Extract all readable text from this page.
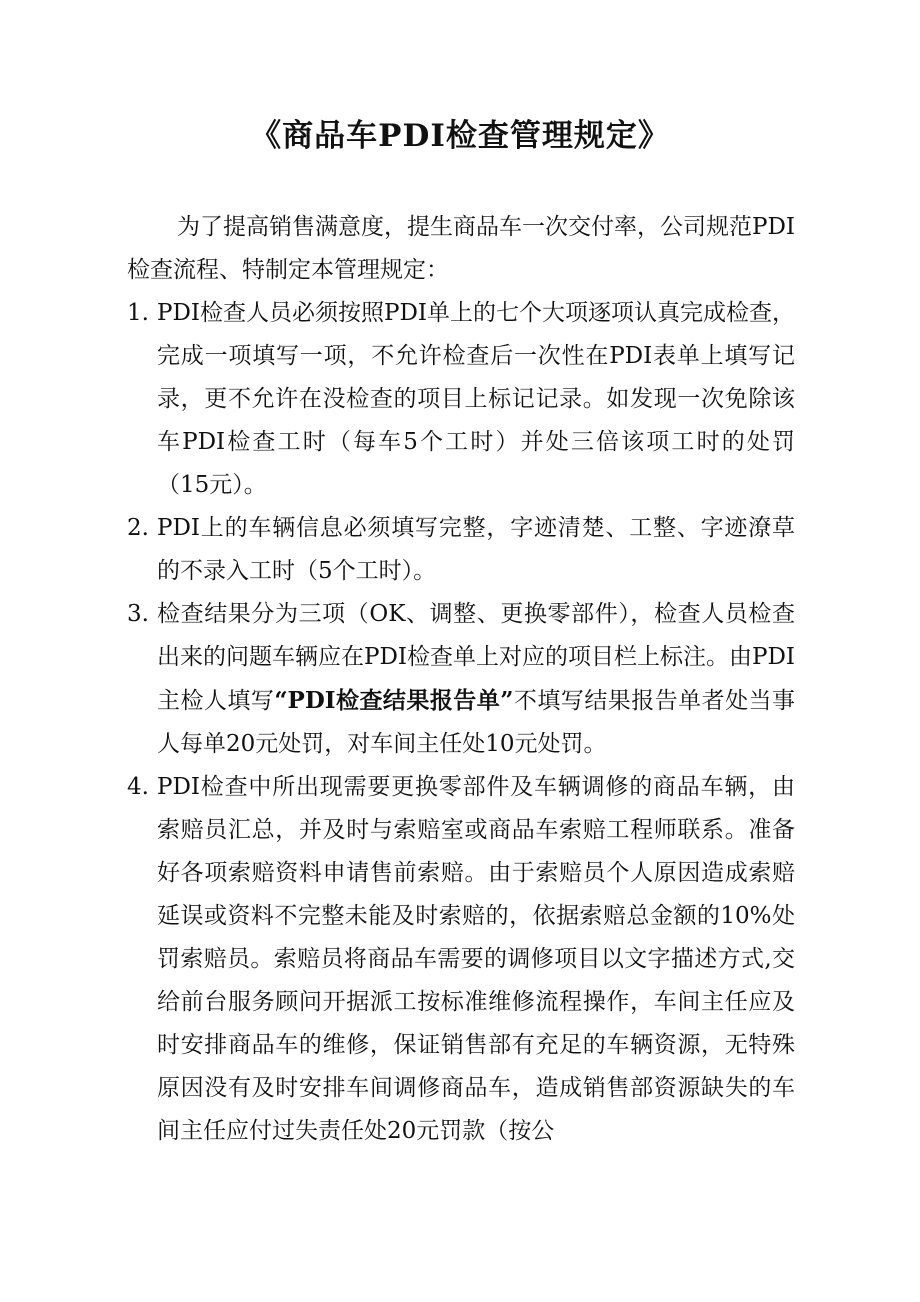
《商品车PDI检查管理规定》

为了提高销售满意度，提生商品车一次交付率，公司规范PDI检查流程、特制定本管理规定：

1. PDI检查人员必须按照PDI单上的七个大项逐项认真完成检查，完成一项填写一项，不允许检查后一次性在PDI表单上填写记录，更不允许在没检查的项目上标记记录。如发现一次免除该车PDI检查工时（每车5个工时）并处三倍该项工时的处罚（15元）。
2. PDI上的车辆信息必须填写完整，字迹清楚、工整、字迹潦草的不录入工时（5个工时）。
3. 检查结果分为三项（OK、调整、更换零部件），检查人员检查出来的问题车辆应在PDI检查单上对应的项目栏上标注。由PDI主检人填写“PDI检查结果报告单”不填写结果报告单者处当事人每单20元处罚，对车间主任处10元处罚。
4. PDI检查中所出现需要更换零部件及车辆调修的商品车辆，由索赔员汇总，并及时与索赔室或商品车索赔工程师联系。准备好各项索赔资料申请售前索赔。由于索赔员个人原因造成索赔延误或资料不完整未能及时索赔的，依据索赔总金额的10%处罚索赔员。索赔员将商品车需要的调修项目以文字描述方式,交给前台服务顾问开据派工按标准维修流程操作，车间主任应及时安排商品车的维修，保证销售部有充足的车辆资源，无特殊原因没有及时安排车间调修商品车，造成销售部资源缺失的车间主任应付过失责任处20元罚款（按公
